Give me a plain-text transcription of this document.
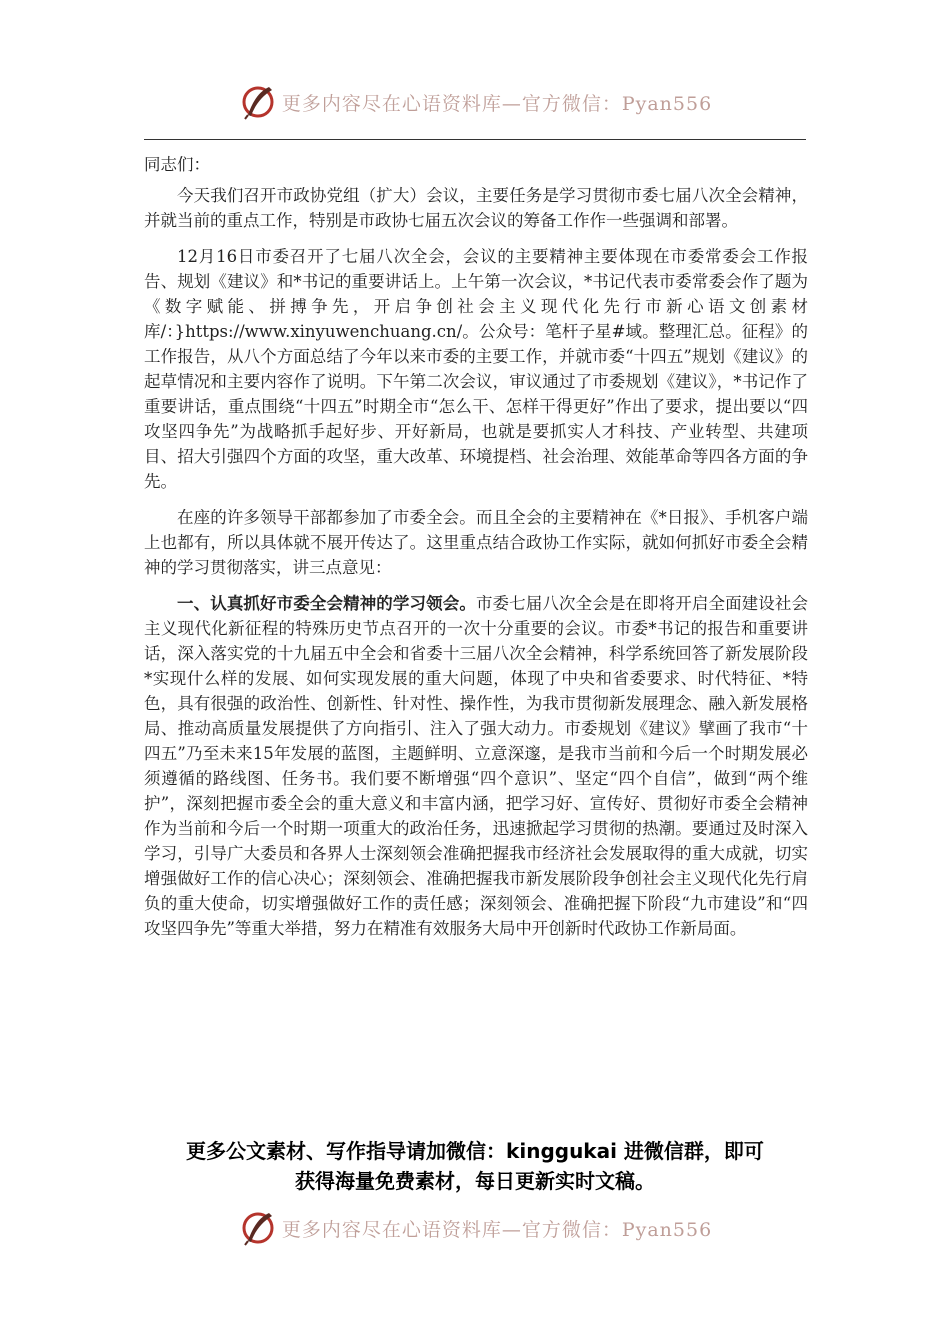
更多内容尽在心语资料库—官方微信：Pyan556

同志们：

今天我们召开市政协党组（扩大）会议，主要任务是学习贯彻市委七届八次全会精神，并就当前的重点工作，特别是市政协七届五次会议的筹备工作作一些强调和部署。

12月16日市委召开了七届八次全会，会议的主要精神主要体现在市委常委会工作报告、规划《建议》和*书记的重要讲话上。上午第一次会议，*书记代表市委常委会作了题为《数字赋能、拼搏争先，开启争创社会主义现代化先行市新心语文创素材库/：}https://www.xinyuwenchuang.cn/。公众号：笔杆子星#域。整理汇总。征程》的工作报告，从八个方面总结了今年以来市委的主要工作，并就市委“十四五”规划《建议》的起草情况和主要内容作了说明。下午第二次会议，审议通过了市委规划《建议》，*书记作了重要讲话，重点围绕“十四五”时期全市“怎么干、怎样干得更好”作出了要求，提出要以“四攻坚四争先”为战略抓手起好步、开好新局，也就是要抓实人才科技、产业转型、共建项目、招大引强四个方面的攻坚，重大改革、环境提档、社会治理、效能革命等四各方面的争先。

在座的许多领导干部都参加了市委全会。而且全会的主要精神在《*日报》、手机客户端上也都有，所以具体就不展开传达了。这里重点结合政协工作实际，就如何抓好市委全会精神的学习贯彻落实，讲三点意见：

一、认真抓好市委全会精神的学习领会。市委七届八次全会是在即将开启全面建设社会主义现代化新征程的特殊历史节点召开的一次十分重要的会议。市委*书记的报告和重要讲话，深入落实党的十九届五中全会和省委十三届八次全会精神，科学系统回答了新发展阶段*实现什么样的发展、如何实现发展的重大问题，体现了中央和省委要求、时代特征、*特色，具有很强的政治性、创新性、针对性、操作性，为我市贯彻新发展理念、融入新发展格局、推动高质量发展提供了方向指引、注入了强大动力。市委规划《建议》擘画了我市“十四五”乃至未来15年发展的蓝图，主题鲜明、立意深邃，是我市当前和今后一个时期发展必须遵循的路线图、任务书。我们要不断增强“四个意识”、坚定“四个自信”，做到“两个维护”，深刻把握市委全会的重大意义和丰富内涵，把学习好、宣传好、贯彻好市委全会精神作为当前和今后一个时期一项重大的政治任务，迅速掀起学习贯彻的热潮。要通过及时深入学习，引导广大委员和各界人士深刻领会准确把握我市经济社会发展取得的重大成就，切实增强做好工作的信心决心；深刻领会、准确把握我市新发展阶段争创社会主义现代化先行肩负的重大使命，切实增强做好工作的责任感；深刻领会、准确把握下阶段“九市建设”和“四攻坚四争先”等重大举措，努力在精准有效服务大局中开创新时代政协工作新局面。

更多公文素材、写作指导请加微信：kinggukai 进微信群，即可
获得海量免费素材，每日更新实时文稿。
更多内容尽在心语资料库—官方微信：Pyan556
